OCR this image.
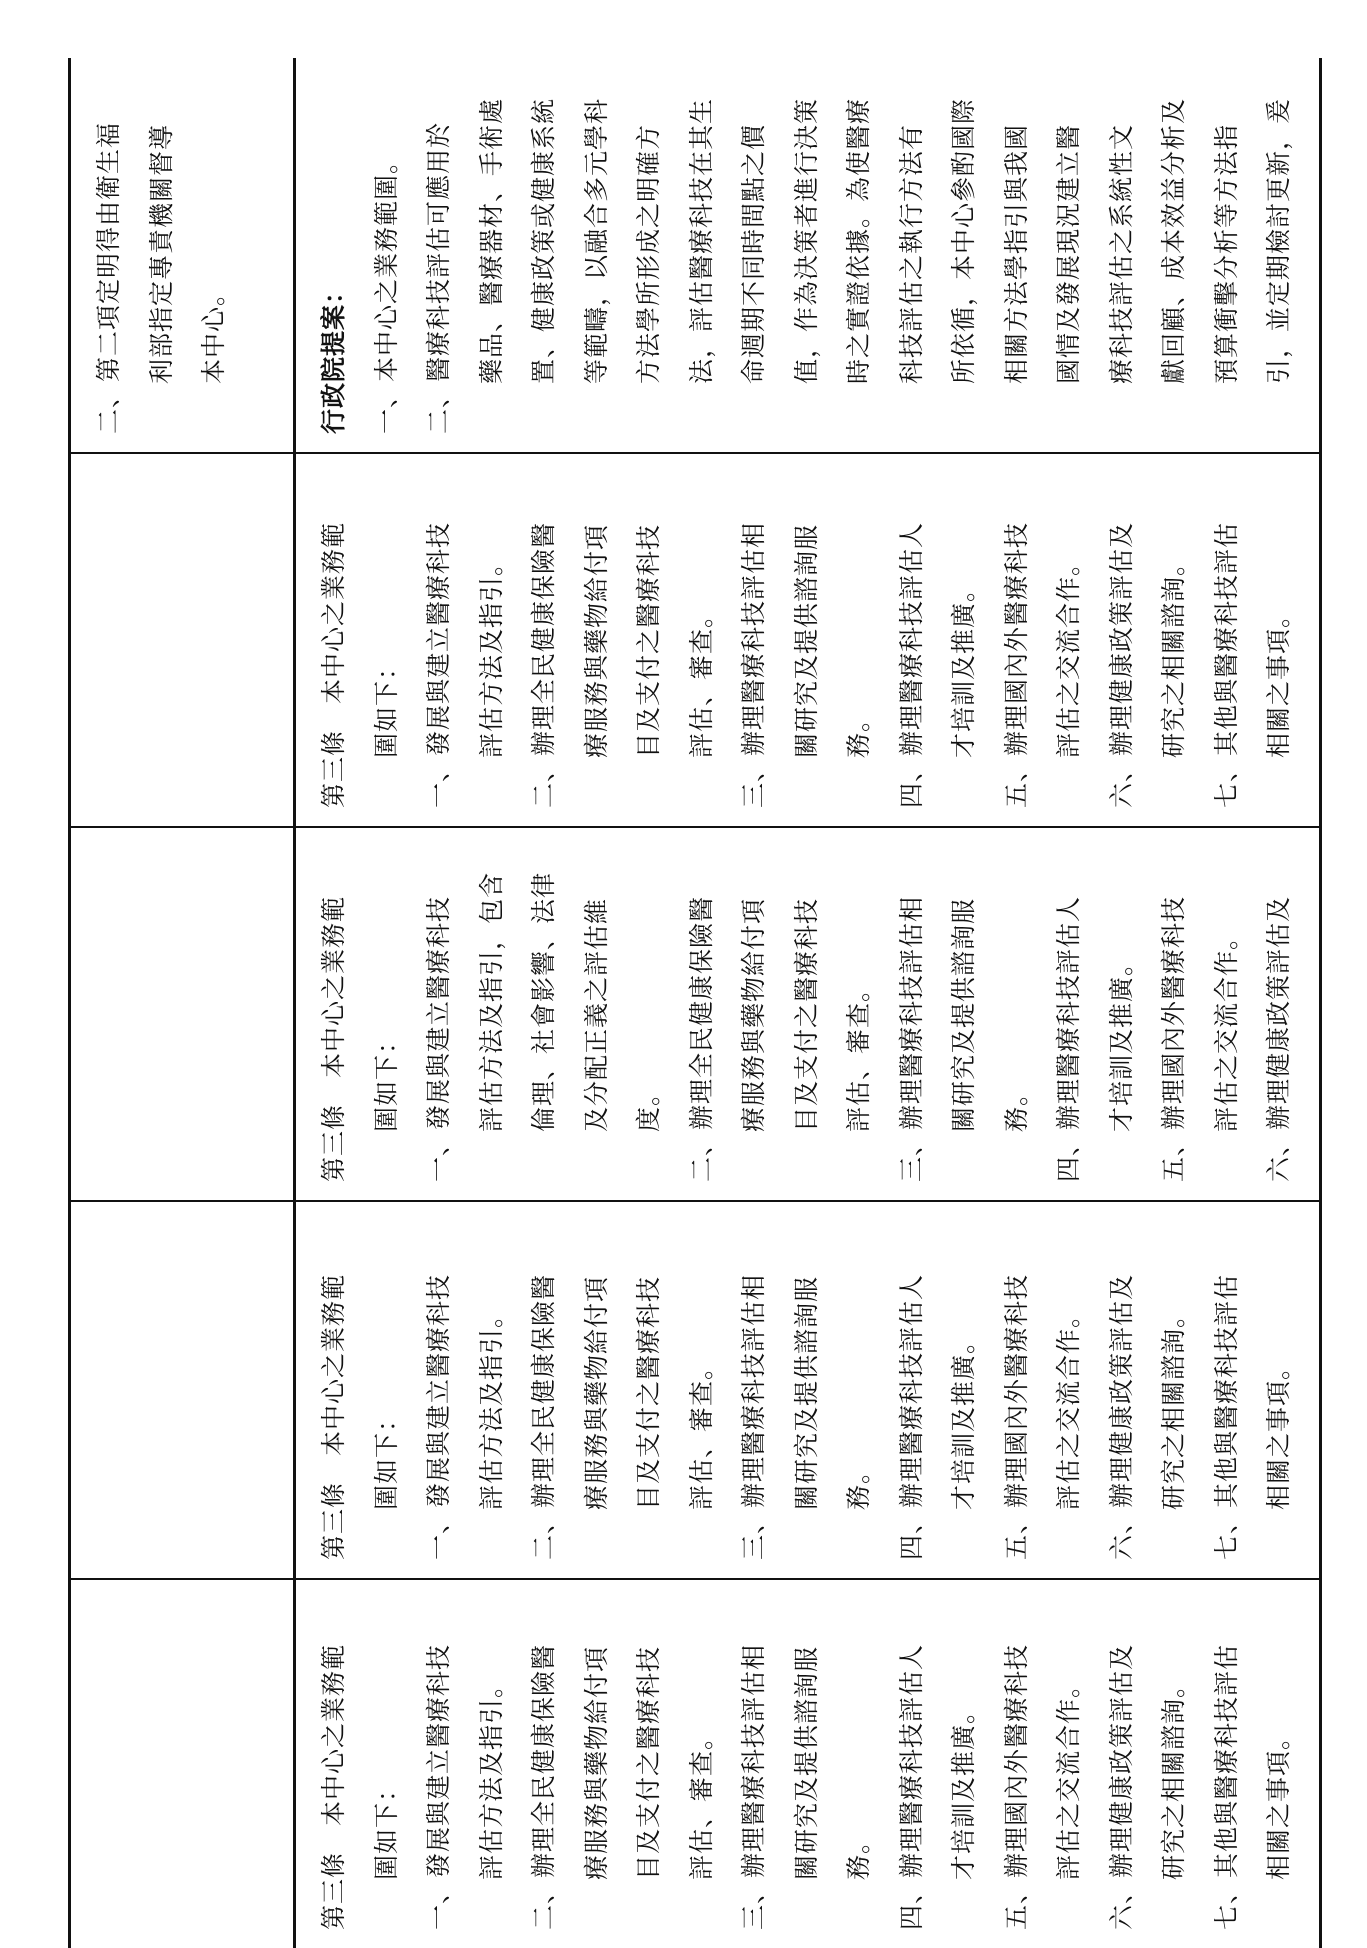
二、第二項定明得由衛生福 利部指定專責機關督導 本中心。
第三條　本中心之業務範 圍如下： 一、發展與建立醫療科技 評估方法及指引。 二、辦理全民健康保險醫 療服務與藥物給付項 目及支付之醫療科技 評估、審查。 三、辦理醫療科技評估相 關研究及提供諮詢服 務。 四、辦理醫療科技評估人 才培訓及推廣。 五、辦理國內外醫療科技 評估之交流合作。 六、辦理健康政策評估及 研究之相關諮詢。 七、其他與醫療科技評估 相關之事項。
第三條　本中心之業務範 圍如下： 一、發展與建立醫療科技 評估方法及指引。 二、辦理全民健康保險醫 療服務與藥物給付項 目及支付之醫療科技 評估、審查。 三、辦理醫療科技評估相 關研究及提供諮詢服 務。 四、辦理醫療科技評估人 才培訓及推廣。 五、辦理國內外醫療科技 評估之交流合作。 六、辦理健康政策評估及 研究之相關諮詢。 七、其他與醫療科技評估 相關之事項。
第三條　本中心之業務範 圍如下： 一、發展與建立醫療科技 評估方法及指引，包含 倫理、社會影響、法律 及分配正義之評估維 度。 二、辦理全民健康保險醫 療服務與藥物給付項 目及支付之醫療科技 評估、審查。 三、辦理醫療科技評估相 關研究及提供諮詢服 務。 四、辦理醫療科技評估人 才培訓及推廣。 五、辦理國內外醫療科技 評估之交流合作。 六、辦理健康政策評估及
第三條　本中心之業務範 圍如下： 一、發展與建立醫療科技 評估方法及指引。 二、辦理全民健康保險醫 療服務與藥物給付項 目及支付之醫療科技 評估、審查。 三、辦理醫療科技評估相 關研究及提供諮詢服 務。 四、辦理醫療科技評估人 才培訓及推廣。 五、辦理國內外醫療科技 評估之交流合作。 六、辦理健康政策評估及 研究之相關諮詢。 七、其他與醫療科技評估 相關之事項。
行政院提案： 一、本中心之業務範圍。 二、醫療科技評估可應用於 藥品、醫療器材、手術處 置、健康政策或健康系統 等範疇，以融合多元學科 方法學所形成之明確方 法，評估醫療科技在其生 命週期不同時間點之價 值，作為決策者進行決策 時之實證依據。為使醫療 科技評估之執行方法有 所依循，本中心參酌國際 相關方法學指引與我國 國情及發展現況建立醫 療科技評估之系統性文 獻回顧、成本效益分析及 預算衝擊分析等方法指 引，並定期檢討更新，爰
